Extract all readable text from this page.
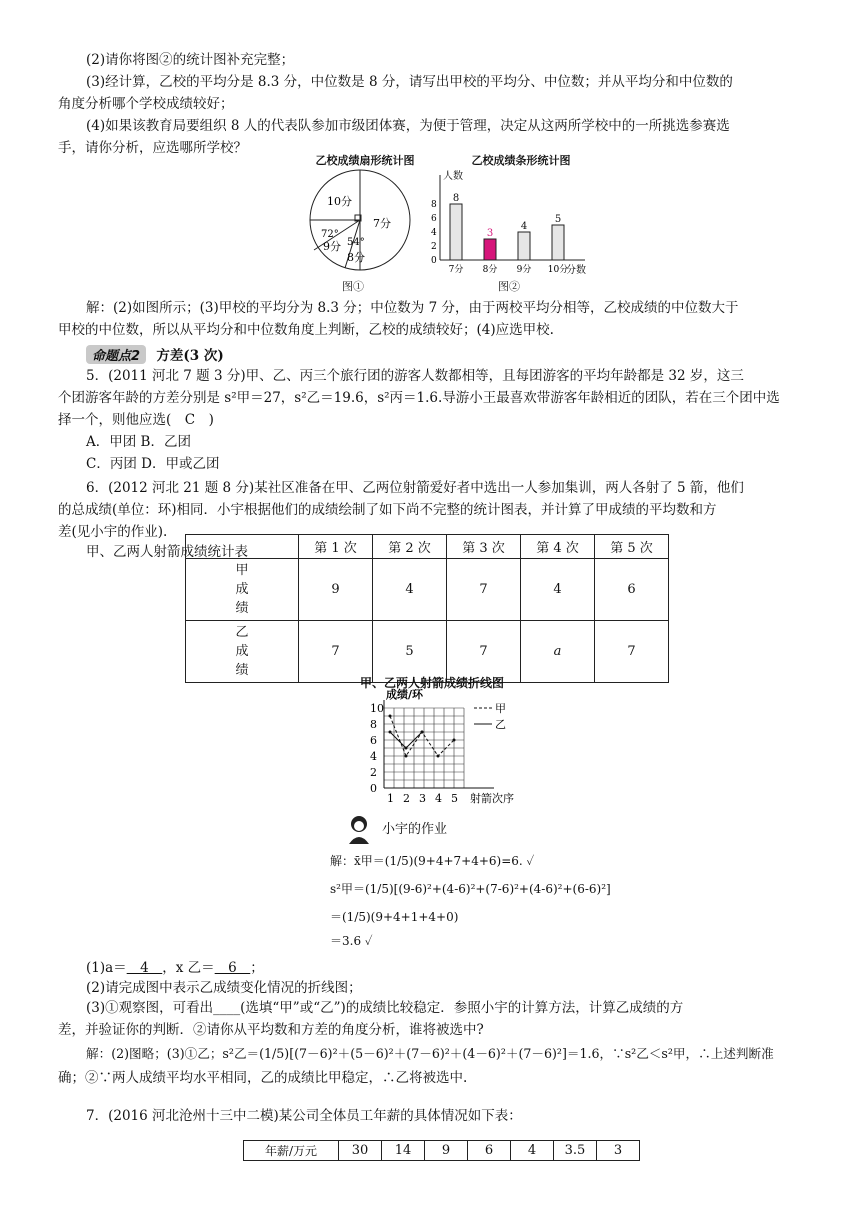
(2)请你将图②的统计图补充完整；
(3)经计算，乙校的平均分是 8.3 分，中位数是 8 分，请写出甲校的平均分、中位数；并从平均分和中位数的
角度分析哪个学校成绩较好；
(4)如果该教育局要组织 8 人的代表队参加市级团体赛，为便于管理，决定从这两所学校中的一所挑选参赛选
手，请你分析，应选哪所学校？
乙校成绩扇形统计图
10分
7分
72°
9分 54°
8分
图①
乙校成绩条形统计图
人数
分数
0
2
4
6
8
8
7分
3
8分
4
9分
5
10分
图②
解：(2)如图所示；(3)甲校的平均分为 8.3 分；中位数为 7 分，由于两校平均分相等，乙校成绩的中位数大于
甲校的中位数，所以从平均分和中位数角度上判断，乙校的成绩较好；(4)应选甲校.
命题点2 方差(3 次)
5．(2011 河北 7 题 3 分)甲、乙、丙三个旅行团的游客人数都相等，且每团游客的平均年龄都是 32 岁，这三
个团游客年龄的方差分别是 s²甲＝27，s²乙＝19.6，s²丙＝1.6.导游小王最喜欢带游客年龄相近的团队，若在三个团中选
择一个，则他应选(　C　)
A．甲团 B．乙团
C．丙团 D．甲或乙团
6．(2012 河北 21 题 8 分)某社区准备在甲、乙两位射箭爱好者中选出一人参加集训，两人各射了 5 箭，他们
的总成绩(单位：环)相同．小宇根据他们的成绩绘制了如下尚不完整的统计图表，并计算了甲成绩的平均数和方
差(见小宇的作业).
甲、乙两人射箭成绩统计表
		第 1 次	第 2 次	第 3 次	第 4 次	第 5 次
甲
成
绩	9	4	7	4	6
乙
成
绩	7	5	7	a	7
甲、乙两人射箭成绩折线图
成绩/环
射箭次序
0
2
4
6
8
10
1 2 3 4 5
甲
乙
小宇的作业
解：x̄甲＝(1/5)(9+4+7+4+6)=6. ✓
s²甲＝(1/5)[(9-6)²+(4-6)²+(7-6)²+(4-6)²+(6-6)²]
＝(1/5)(9+4+1+4+0)
＝3.6 ✓
(1)a＝　4　，x 乙＝　6　；
(2)请完成图中表示乙成绩变化情况的折线图；
(3)①观察图，可看出____(选填“甲”或“乙”)的成绩比较稳定．参照小宇的计算方法，计算乙成绩的方
差，并验证你的判断．②请你从平均数和方差的角度分析，谁将被选中?
解：(2)图略；(3)①乙；s²乙＝(1/5)[(7－6)²＋(5－6)²＋(7－6)²＋(4－6)²＋(7－6)²]＝1.6，∵s²乙＜s²甲，∴上述判断准
确；②∵两人成绩平均水平相同，乙的成绩比甲稳定，∴乙将被选中.
7．(2016 河北沧州十三中二模)某公司全体员工年薪的具体情况如下表：
年薪/万元	30	14	9	6	4	3.5	3
